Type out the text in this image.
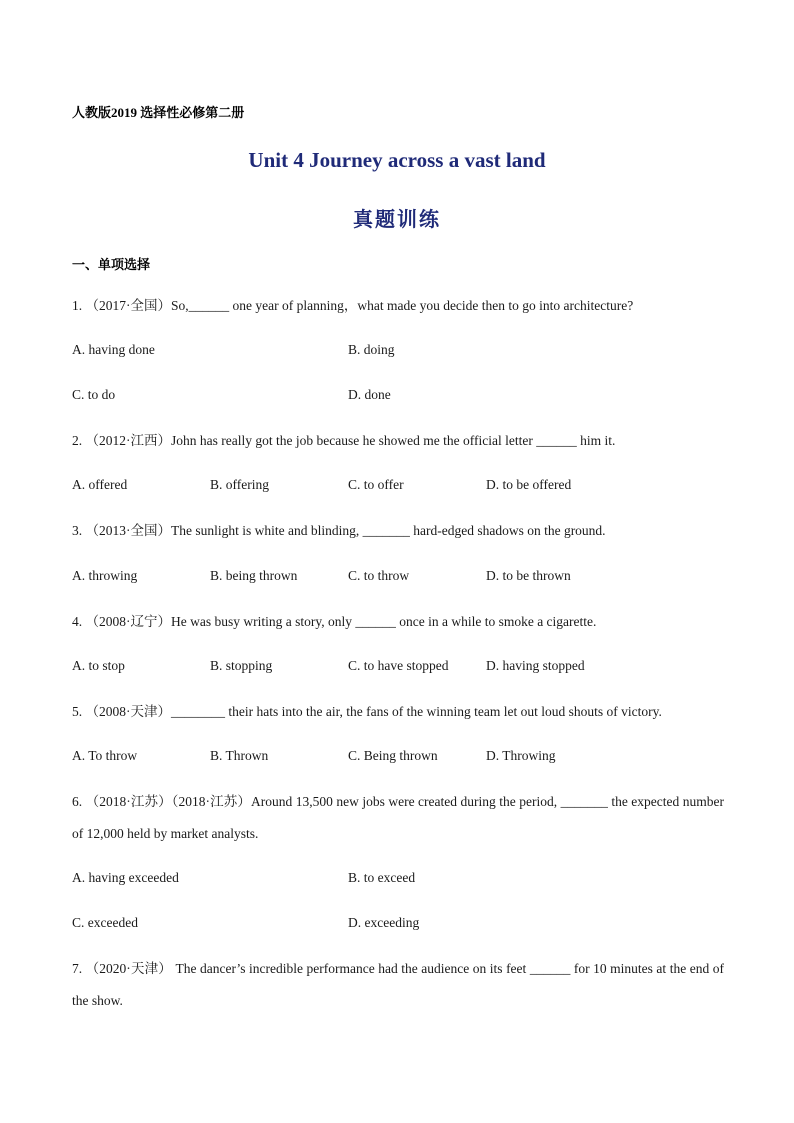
人教版2019 选择性必修第二册
Unit 4 Journey across a vast land
真题训练
一、单项选择
1. （2017·全国）So,______ one year of planning，what made you decide then to go into architecture?
A. having done	B. doing
C. to do	D. done
2. （2012·江西）John has really got the job because he showed me the official letter ______ him it.
A. offered	B. offering	C. to offer	D. to be offered
3. （2013·全国）The sunlight is white and blinding, _______ hard-edged shadows on the ground.
A. throwing	B. being thrown	C. to throw	D. to be thrown
4. （2008·辽宁）He was busy writing a story, only ______ once in a while to smoke a cigarette.
A. to stop	B. stopping	C. to have stopped	D. having stopped
5. （2008·天津）________ their hats into the air, the fans of the winning team let out loud shouts of victory.
A. To throw	B. Thrown	C. Being thrown	D. Throwing
6. （2018·江苏）（2018·江苏）Around 13,500 new jobs were created during the period, _______ the expected number of 12,000 held by market analysts.
A. having exceeded	B. to exceed
C. exceeded	D. exceeding
7. （2020·天津） The dancer’s incredible performance had the audience on its feet ______ for 10 minutes at the end of the show.
